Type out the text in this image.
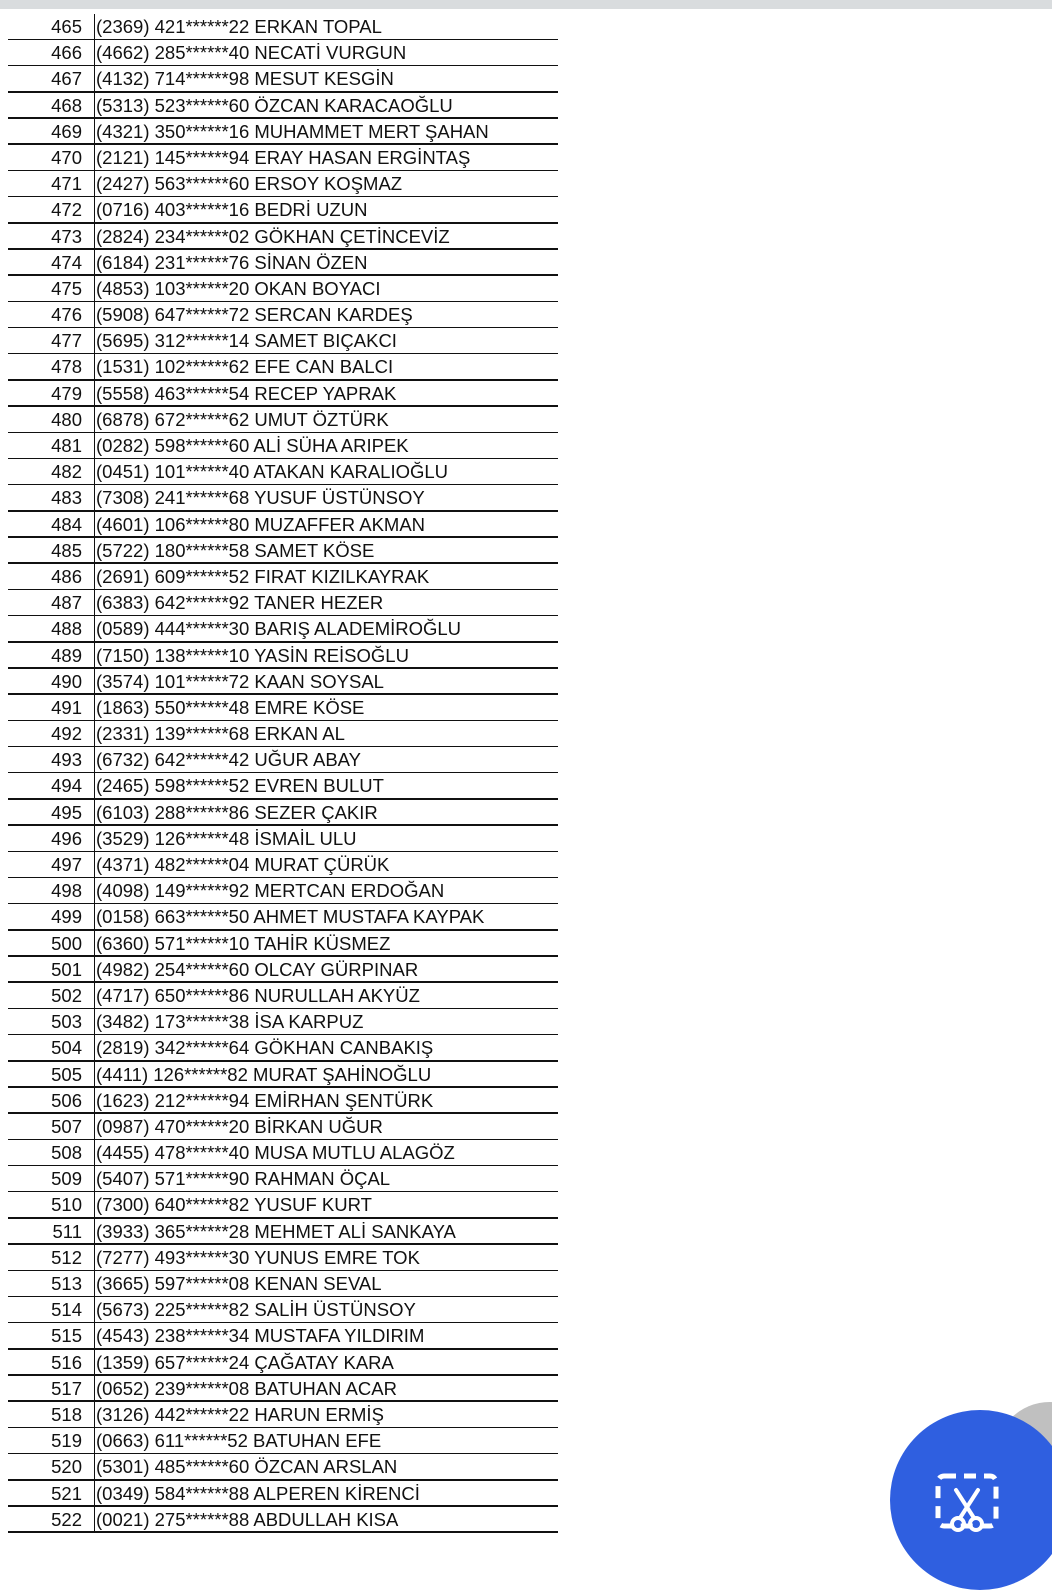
465 (2369) 421******22 ERKAN TOPAL
466 (4662) 285******40 NECATİ VURGUN
467 (4132) 714******98 MESUT KESGİN
468 (5313) 523******60 ÖZCAN KARACAOĞLU
469 (4321) 350******16 MUHAMMET MERT ŞAHAN
470 (2121) 145******94 ERAY HASAN ERGİNTAŞ
471 (2427) 563******60 ERSOY KOŞMAZ
472 (0716) 403******16 BEDRİ UZUN
473 (2824) 234******02 GÖKHAN ÇETİNCEVİZ
474 (6184) 231******76 SİNAN ÖZEN
475 (4853) 103******20 OKAN BOYACI
476 (5908) 647******72 SERCAN KARDEŞ
477 (5695) 312******14 SAMET BIÇAKCI
478 (1531) 102******62 EFE CAN BALCI
479 (5558) 463******54 RECEP YAPRAK
480 (6878) 672******62 UMUT ÖZTÜRK
481 (0282) 598******60 ALİ SÜHA ARIPEK
482 (0451) 101******40 ATAKAN KARALIOĞLU
483 (7308) 241******68 YUSUF ÜSTÜNSOY
484 (4601) 106******80 MUZAFFER AKMAN
485 (5722) 180******58 SAMET KÖSE
486 (2691) 609******52 FIRAT KIZILKAYRAK
487 (6383) 642******92 TANER HEZER
488 (0589) 444******30 BARIŞ ALADEMİROĞLU
489 (7150) 138******10 YASİN REİSOĞLU
490 (3574) 101******72 KAAN SOYSAL
491 (1863) 550******48 EMRE KÖSE
492 (2331) 139******68 ERKAN AL
493 (6732) 642******42 UĞUR ABAY
494 (2465) 598******52 EVREN BULUT
495 (6103) 288******86 SEZER ÇAKIR
496 (3529) 126******48 İSMAİL ULU
497 (4371) 482******04 MURAT ÇÜRÜK
498 (4098) 149******92 MERTCAN ERDOĞAN
499 (0158) 663******50 AHMET MUSTAFA KAYPAK
500 (6360) 571******10 TAHİR KÜSMEZ
501 (4982) 254******60 OLCAY GÜRPINAR
502 (4717) 650******86 NURULLAH AKYÜZ
503 (3482) 173******38 İSA KARPUZ
504 (2819) 342******64 GÖKHAN CANBAKIŞ
505 (4411) 126******82 MURAT ŞAHİNOĞLU
506 (1623) 212******94 EMİRHAN ŞENTÜRK
507 (0987) 470******20 BİRKAN UĞUR
508 (4455) 478******40 MUSA MUTLU ALAGÖZ
509 (5407) 571******90 RAHMAN ÖÇAL
510 (7300) 640******82 YUSUF KURT
511 (3933) 365******28 MEHMET ALİ SANKAYA
512 (7277) 493******30 YUNUS EMRE TOK
513 (3665) 597******08 KENAN SEVAL
514 (5673) 225******82 SALİH ÜSTÜNSOY
515 (4543) 238******34 MUSTAFA YILDIRIM
516 (1359) 657******24 ÇAĞATAY KARA
517 (0652) 239******08 BATUHAN ACAR
518 (3126) 442******22 HARUN ERMİŞ
519 (0663) 611******52 BATUHAN EFE
520 (5301) 485******60 ÖZCAN ARSLAN
521 (0349) 584******88 ALPEREN KİRENCİ
522 (0021) 275******88 ABDULLAH KISA
